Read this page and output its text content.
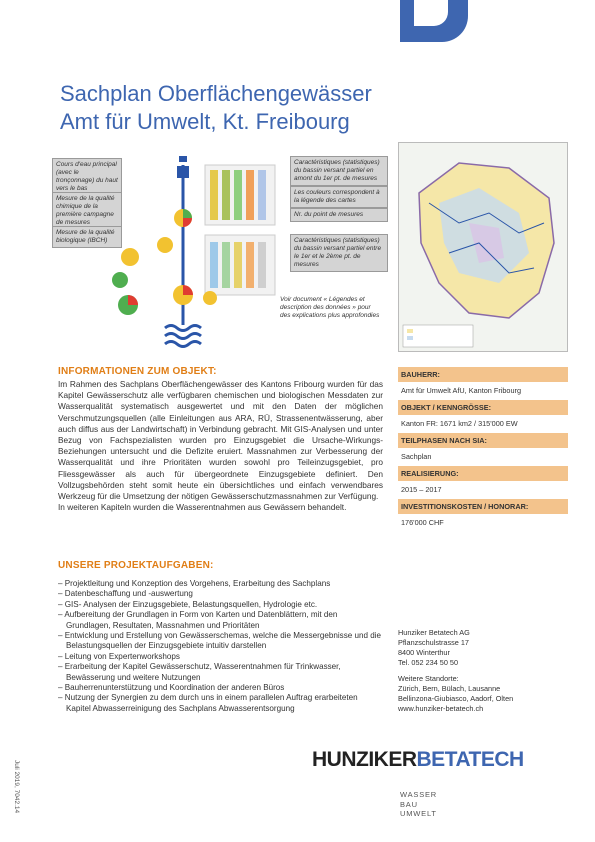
Sachplan Oberflächengewässer
Amt für Umwelt, Kt. Freibourg
Cours d'eau principal (avec le tronçonnage) du haut vers le bas
Mesure de la qualité chimique de la première campagne de mesures
Mesure de la qualité biologique (IBCH)
Caractéristiques (statistiques) du bassin versant partiel en amont du 1er pt. de mesures
Les couleurs correspondent à la légende des cartes
Nr. du point de mesures
Caractéristiques (statistiques) du bassin versant partiel entre le 1er et le 2ème pt. de mesures
Voir document « Légendes et description des données » pour des explications plus approfondies
INFORMATIONEN ZUM OBJEKT:
Im Rahmen des Sachplans Oberflächengewässer des Kantons Fribourg wurden für das Kapitel Gewässerschutz alle verfügbaren chemischen und biologischen Messdaten zur Wasserqualität systematisch ausgewertet und mit den Daten der möglichen Verschmutzungsquellen (alle Einleitungen aus ARA, RÜ, Strassenentwässerung, aber auch diffus aus der Landwirtschaft) in Verbindung gebracht. Mit GIS-Analysen und unter Bezug von Fachspezialisten wurden pro Einzugsgebiet die Ursache-Wirkungs-Beziehungen untersucht und die Defizite eruiert. Massnahmen zur Verbesserung der Wasserqualität und ihre Prioritäten wurden sowohl pro Teileinzugsgebiet, pro Fliessgewässer als auch für übergeordnete Einzugsgebiete definiert. Den Vollzugsbehörden steht somit heute ein übersichtliches und einfach verwendbares Werkzeug für die Umsetzung der nötigen Gewässerschutzmassnahmen zur Verfügung.
In weiteren Kapiteln wurden die Wasserentnahmen aus Gewässern behandelt.
UNSERE PROJEKTAUFGABEN:
– Projektleitung und Konzeption des Vorgehens, Erarbeitung des Sachplans
– Datenbeschaffung und -auswertung
– GIS- Analysen der Einzugsgebiete, Belastungsquellen, Hydrologie etc.
– Aufbereitung der Grundlagen in Form von Karten und Datenblättern, mit den Grundlagen, Resultaten, Massnahmen und Prioritäten
– Entwicklung und Erstellung von Gewässerschemas, welche die Messergebnisse und die Belastungsquellen der Einzugsgebiete intuitiv darstellen
– Leitung von Expertenworkshops
– Erarbeitung der Kapitel Gewässerschutz, Wasserentnahmen für Trinkwasser, Bewässerung und weitere Nutzungen
– Bauherrenunterstützung und Koordination der anderen Büros
– Nutzung der Synergien zu dem durch uns in einem parallelen Auftrag erarbeiteten Kapitel Abwasserreinigung des Sachplans Abwasserentsorgung
BAUHERR:
Amt für Umwelt AfU, Kanton Fribourg
OBJEKT / KENNGRÖSSE:
Kanton FR: 1671 km2 / 315'000 EW
TEILPHASEN NACH SIA:
Sachplan
REALISIERUNG:
2015 – 2017
INVESTITIONSKOSTEN / HONORAR:
176'000 CHF
Hunziker Betatech AG
Pflanzschulstrasse 17
8400 Winterthur
Tel. 052 234 50 50
Weitere Standorte:
Zürich, Bern, Bülach, Lausanne
Bellinzona-Giubiasco, Aadorf, Olten
www.hunziker-betatech.ch
HUNZIKERBETATECH
WASSER
BAU
UMWELT
Juli 2019, 7042.14
